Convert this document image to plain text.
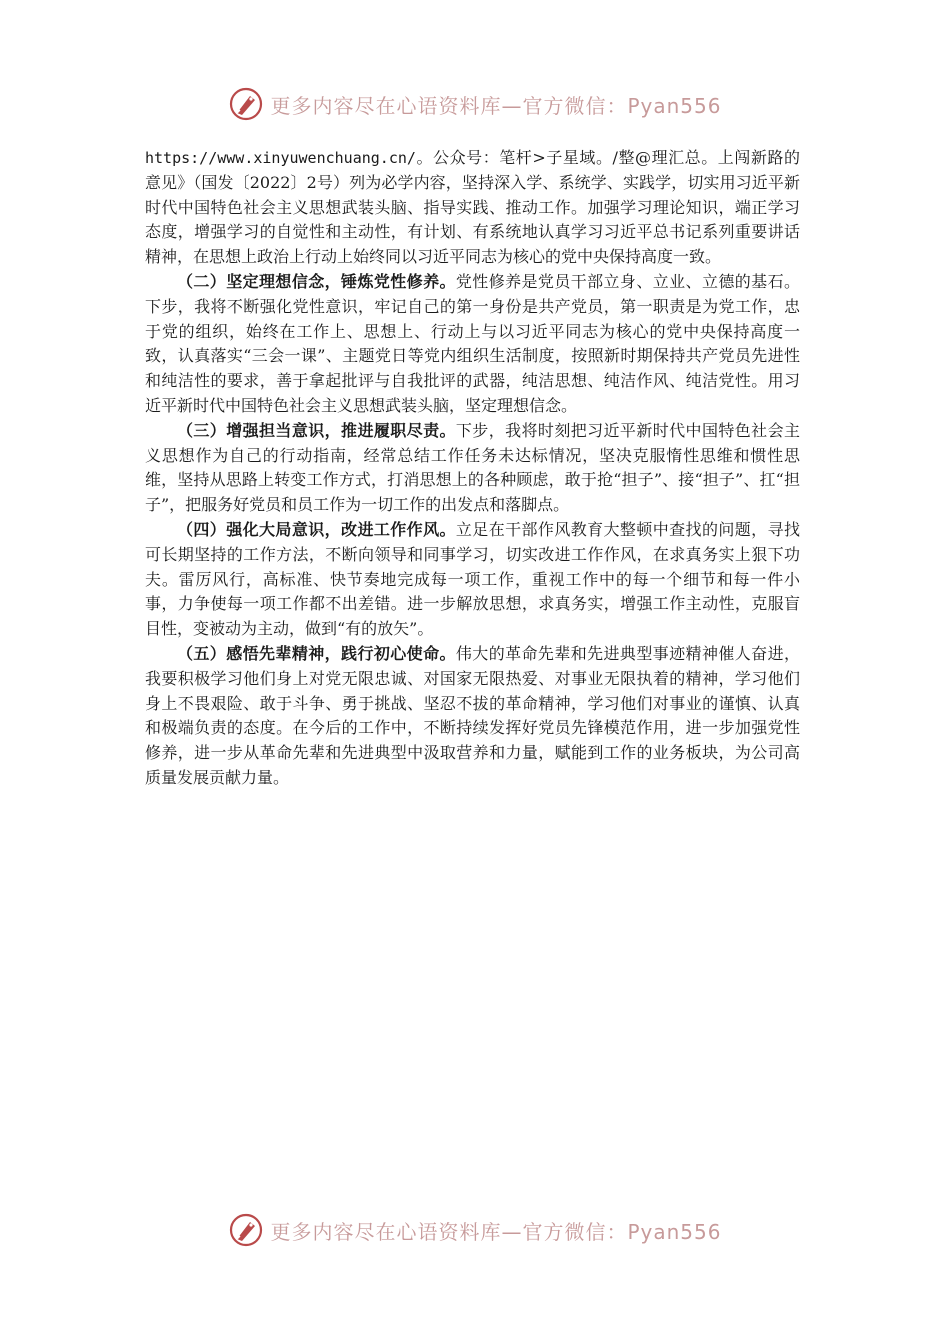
更多内容尽在心语资料库—官方微信：Pyan556

https://www.xinyuwenchuang.cn/。公众号：笔杆>子星域。/整@理汇总。上闯新路的意见》（国发〔2022〕2号）列为必学内容，坚持深入学、系统学、实践学，切实用习近平新时代中国特色社会主义思想武装头脑、指导实践、推动工作。加强学习理论知识，端正学习态度，增强学习的自觉性和主动性，有计划、有系统地认真学习习近平总书记系列重要讲话精神，在思想上政治上行动上始终同以习近平同志为核心的党中央保持高度一致。

（二）坚定理想信念，锤炼党性修养。党性修养是党员干部立身、立业、立德的基石。下步，我将不断强化党性意识，牢记自己的第一身份是共产党员，第一职责是为党工作，忠于党的组织，始终在工作上、思想上、行动上与以习近平同志为核心的党中央保持高度一致，认真落实“三会一课”、主题党日等党内组织生活制度，按照新时期保持共产党员先进性和纯洁性的要求，善于拿起批评与自我批评的武器，纯洁思想、纯洁作风、纯洁党性。用习近平新时代中国特色社会主义思想武装头脑，坚定理想信念。

（三）增强担当意识，推进履职尽责。下步，我将时刻把习近平新时代中国特色社会主义思想作为自己的行动指南，经常总结工作任务未达标情况，坚决克服惰性思维和惯性思维，坚持从思路上转变工作方式，打消思想上的各种顾虑，敢于抢“担子”、接“担子”、扛“担子”，把服务好党员和员工作为一切工作的出发点和落脚点。

（四）强化大局意识，改进工作作风。立足在干部作风教育大整顿中查找的问题，寻找可长期坚持的工作方法，不断向领导和同事学习，切实改进工作作风，在求真务实上狠下功夫。雷厉风行，高标准、快节奏地完成每一项工作，重视工作中的每一个细节和每一件小事，力争使每一项工作都不出差错。进一步解放思想，求真务实，增强工作主动性，克服盲目性，变被动为主动，做到“有的放矢”。

（五）感悟先辈精神，践行初心使命。伟大的革命先辈和先进典型事迹精神催人奋进，我要积极学习他们身上对党无限忠诚、对国家无限热爱、对事业无限执着的精神，学习他们身上不畏艰险、敢于斗争、勇于挑战、坚忍不拔的革命精神，学习他们对事业的谨慎、认真和极端负责的态度。在今后的工作中，不断持续发挥好党员先锋模范作用，进一步加强党性修养，进一步从革命先辈和先进典型中汲取营养和力量，赋能到工作的业务板块，为公司高质量发展贡献力量。

更多内容尽在心语资料库—官方微信：Pyan556
